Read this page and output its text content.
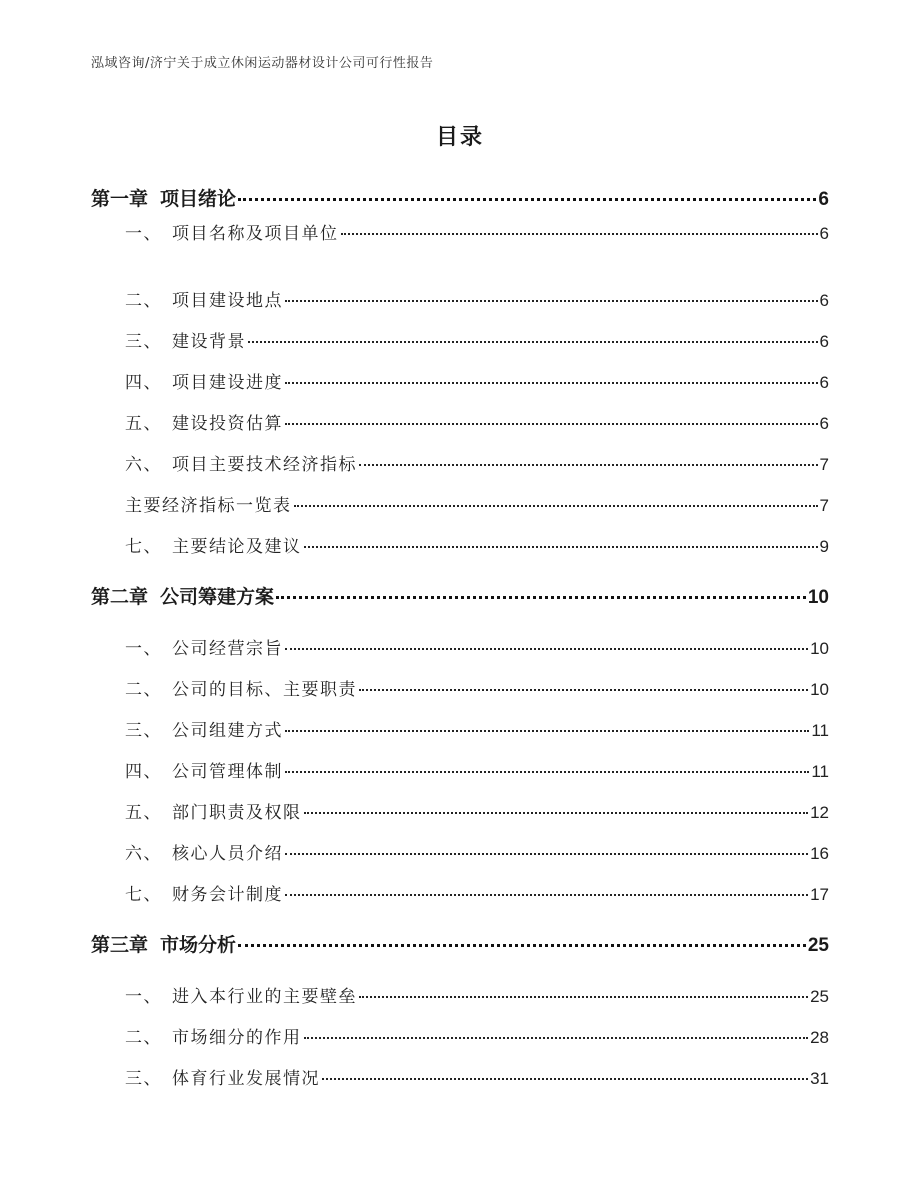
泓域咨询/济宁关于成立休闲运动器材设计公司可行性报告
目录
第一章 项目绪论	6
一、 项目名称及项目单位	6
二、 项目建设地点	6
三、 建设背景	6
四、 项目建设进度	6
五、 建设投资估算	6
六、 项目主要技术经济指标	7
主要经济指标一览表	7
七、 主要结论及建议	9
第二章 公司筹建方案	10
一、 公司经营宗旨	10
二、 公司的目标、主要职责	10
三、 公司组建方式	11
四、 公司管理体制	11
五、 部门职责及权限	12
六、 核心人员介绍	16
七、 财务会计制度	17
第三章 市场分析	25
一、 进入本行业的主要壁垒	25
二、 市场细分的作用	28
三、 体育行业发展情况	31
